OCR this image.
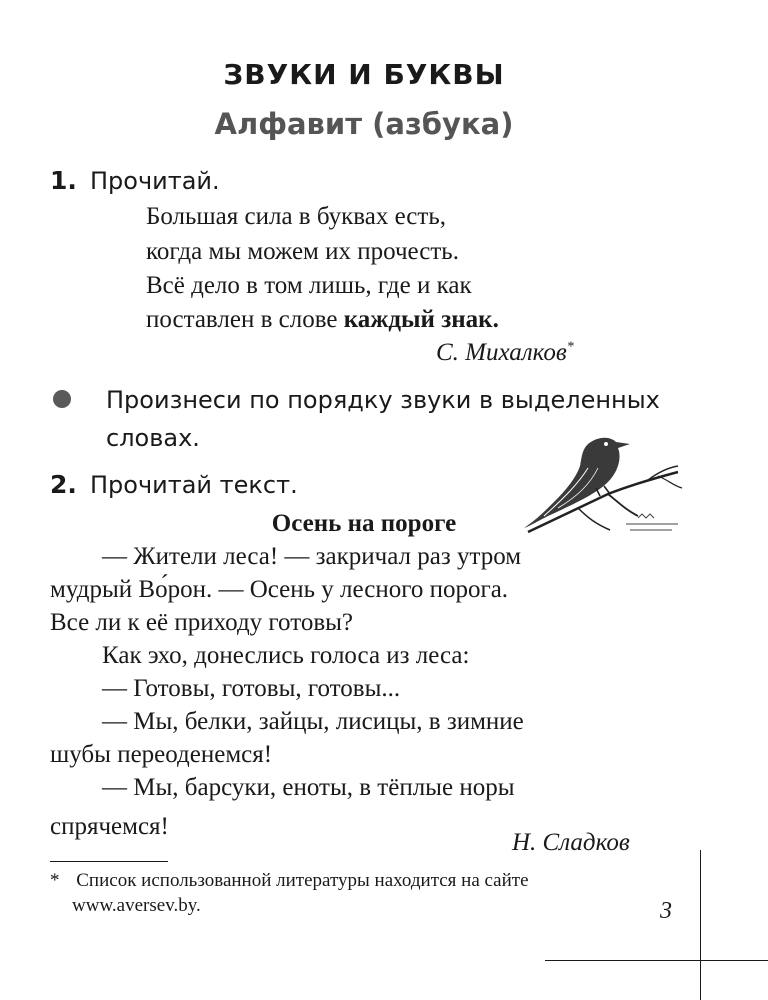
ЗВУКИ И БУКВЫ
Алфавит (азбука)
1. Прочитай.
Большая сила в буквах есть,
когда мы можем их прочесть.
Всё дело в том лишь, где и как
поставлен в слове каждый знак.
С. Михалков*
Произнеси по порядку звуки в выделенных словах.
2. Прочитай текст.
Осень на пороге
— Жители леса! — закричал раз утром
мудрый Во́рон. — Осень у лесного порога.
Все ли к её приходу готовы?
Как эхо, донеслись голоса из леса:
— Готовы, готовы, готовы...
— Мы, белки, зайцы, лисицы, в зимние
шубы переоденемся!
— Мы, барсуки, еноты, в тёплые норы
спрячемся!
Н. Сладков
* Список использованной литературы находится на сайте
www.aversev.by.	3
